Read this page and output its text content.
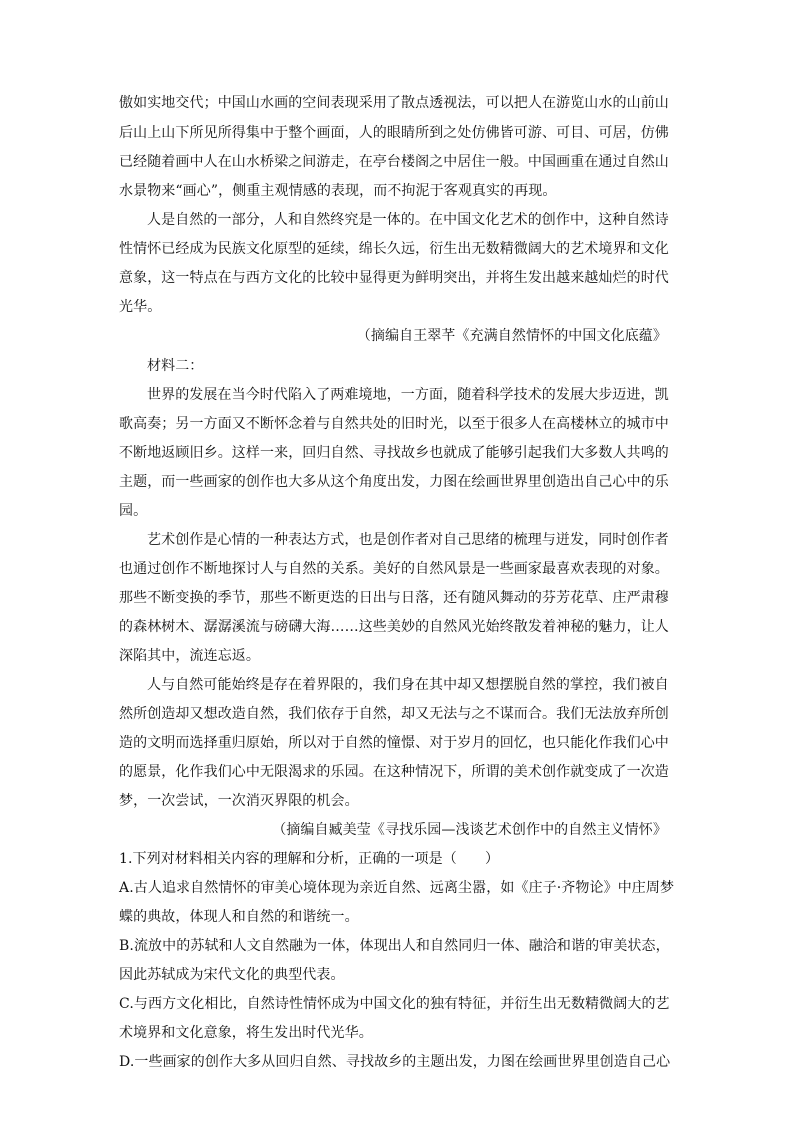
傲如实地交代；中国山水画的空间表现采用了散点透视法，可以把人在游览山水的山前山
后山上山下所见所得集中于整个画面，人的眼睛所到之处仿佛皆可游、可目、可居，仿佛
已经随着画中人在山水桥梁之间游走，在亭台楼阁之中居住一般。中国画重在通过自然山
水景物来“画心”，侧重主观情感的表现，而不拘泥于客观真实的再现。
人是自然的一部分，人和自然终究是一体的。在中国文化艺术的创作中，这种自然诗
性情怀已经成为民族文化原型的延续，绵长久远，衍生出无数精微阔大的艺术境界和文化
意象，这一特点在与西方文化的比较中显得更为鲜明突出，并将生发出越来越灿烂的时代
光华。
（摘编自王翠芊《充满自然情怀的中国文化底蕴》
材料二：
世界的发展在当今时代陷入了两难境地，一方面，随着科学技术的发展大步迈进，凯
歌高奏；另一方面又不断怀念着与自然共处的旧时光，以至于很多人在高楼林立的城市中
不断地返顾旧乡。这样一来，回归自然、寻找故乡也就成了能够引起我们大多数人共鸣的
主题，而一些画家的创作也大多从这个角度出发，力图在绘画世界里创造出自己心中的乐
园。
艺术创作是心情的一种表达方式，也是创作者对自己思绪的梳理与迸发，同时创作者
也通过创作不断地探讨人与自然的关系。美好的自然风景是一些画家最喜欢表现的对象。
那些不断变换的季节，那些不断更迭的日出与日落，还有随风舞动的芬芳花草、庄严肃穆
的森林树木、潺潺溪流与磅礴大海……这些美妙的自然风光始终散发着神秘的魅力，让人
深陷其中，流连忘返。
人与自然可能始终是存在着界限的，我们身在其中却又想摆脱自然的掌控，我们被自
然所创造却又想改造自然，我们依存于自然，却又无法与之不谋而合。我们无法放弃所创
造的文明而选择重归原始，所以对于自然的憧憬、对于岁月的回忆，也只能化作我们心中
的愿景，化作我们心中无限渴求的乐园。在这种情况下，所谓的美术创作就变成了一次造
梦，一次尝试，一次消灭界限的机会。
（摘编自臧美莹《寻找乐园—浅谈艺术创作中的自然主义情怀》
1.下列对材料相关内容的理解和分析，正确的一项是（　　）
A.古人追求自然情怀的审美心境体现为亲近自然、远离尘嚣，如《庄子·齐物论》中庄周梦
蝶的典故，体现人和自然的和谐统一。
B.流放中的苏轼和人文自然融为一体，体现出人和自然同归一体、融洽和谐的审美状态，
因此苏轼成为宋代文化的典型代表。
C.与西方文化相比，自然诗性情怀成为中国文化的独有特征，并衍生出无数精微阔大的艺
术境界和文化意象，将生发出时代光华。
D.一些画家的创作大多从回归自然、寻找故乡的主题出发，力图在绘画世界里创造自己心
